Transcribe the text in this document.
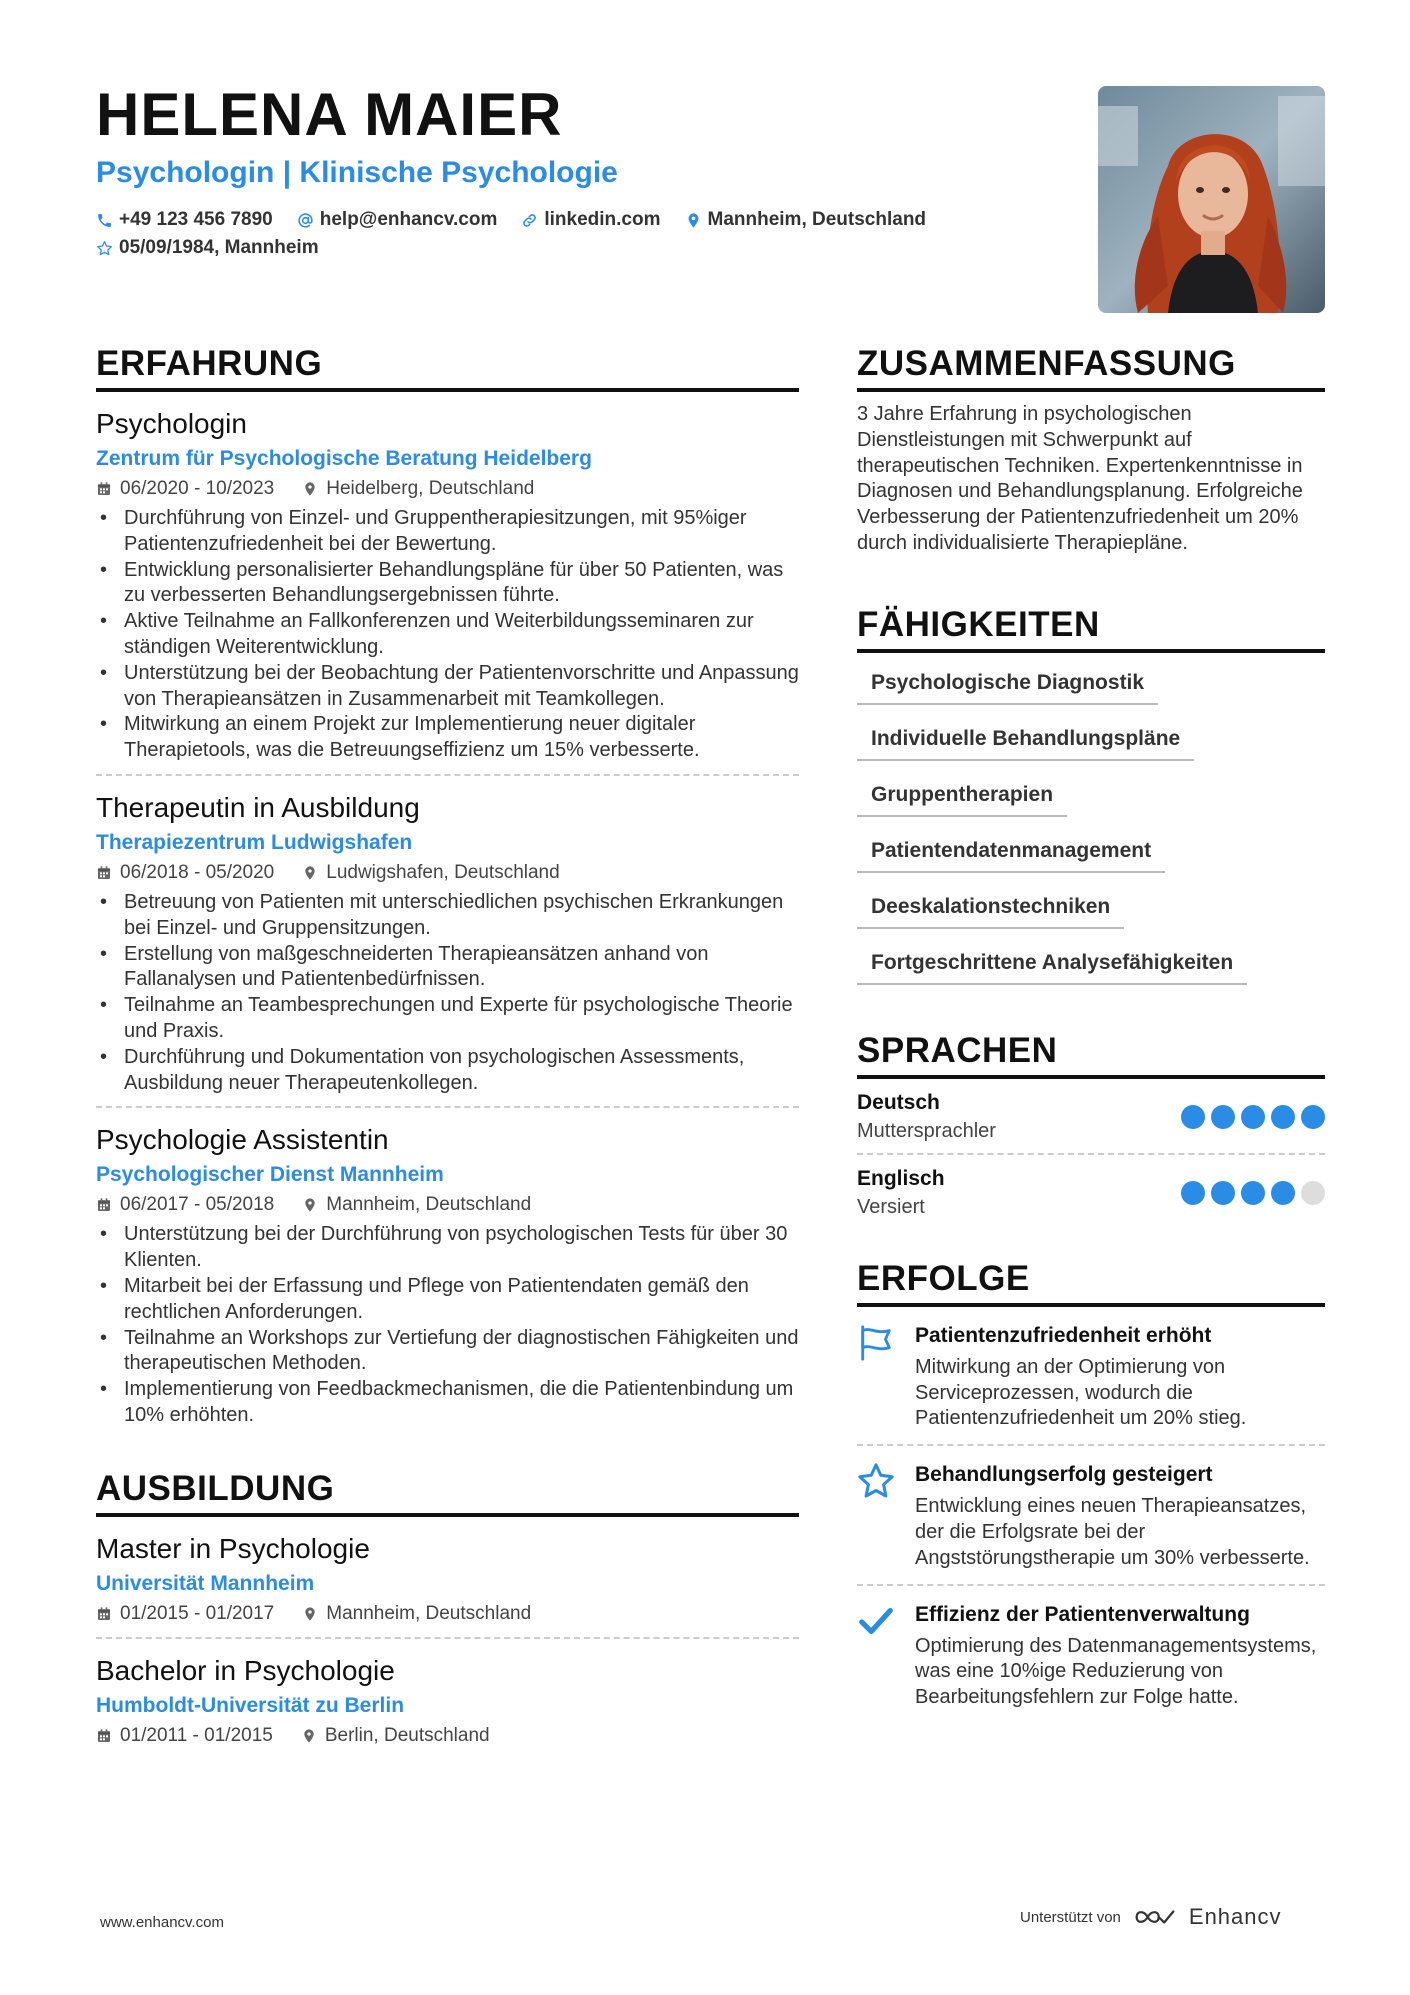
HELENA MAIER
Psychologin | Klinische Psychologie
+49 123 456 7890 help@enhancv.com linkedin.com Mannheim, Deutschland
05/09/1984, Mannheim
ERFAHRUNG
Psychologin
Zentrum für Psychologische Beratung Heidelberg
06/2020 - 10/2023	Heidelberg, Deutschland
• Durchführung von Einzel- und Gruppentherapiesitzungen, mit 95%iger Patientenzufriedenheit bei der Bewertung.
• Entwicklung personalisierter Behandlungspläne für über 50 Patienten, was zu verbesserten Behandlungsergebnissen führte.
• Aktive Teilnahme an Fallkonferenzen und Weiterbildungsseminaren zur ständigen Weiterentwicklung.
• Unterstützung bei der Beobachtung der Patientenvorschritte und Anpassung von Therapieansätzen in Zusammenarbeit mit Teamkollegen.
• Mitwirkung an einem Projekt zur Implementierung neuer digitaler Therapietools, was die Betreuungseffizienz um 15% verbesserte.
Therapeutin in Ausbildung
Therapiezentrum Ludwigshafen
06/2018 - 05/2020	Ludwigshafen, Deutschland
• Betreuung von Patienten mit unterschiedlichen psychischen Erkrankungen bei Einzel- und Gruppensitzungen.
• Erstellung von maßgeschneiderten Therapieansätzen anhand von Fallanalysen und Patientenbedürfnissen.
• Teilnahme an Teambesprechungen und Experte für psychologische Theorie und Praxis.
• Durchführung und Dokumentation von psychologischen Assessments, Ausbildung neuer Therapeutenkollegen.
Psychologie Assistentin
Psychologischer Dienst Mannheim
06/2017 - 05/2018	Mannheim, Deutschland
• Unterstützung bei der Durchführung von psychologischen Tests für über 30 Klienten.
• Mitarbeit bei der Erfassung und Pflege von Patientendaten gemäß den rechtlichen Anforderungen.
• Teilnahme an Workshops zur Vertiefung der diagnostischen Fähigkeiten und therapeutischen Methoden.
• Implementierung von Feedbackmechanismen, die die Patientenbindung um 10% erhöhten.
AUSBILDUNG
Master in Psychologie
Universität Mannheim
01/2015 - 01/2017	Mannheim, Deutschland
Bachelor in Psychologie
Humboldt-Universität zu Berlin
01/2011 - 01/2015	Berlin, Deutschland
ZUSAMMENFASSUNG
3 Jahre Erfahrung in psychologischen Dienstleistungen mit Schwerpunkt auf therapeutischen Techniken. Expertenkenntnisse in Diagnosen und Behandlungsplanung. Erfolgreiche Verbesserung der Patientenzufriedenheit um 20% durch individualisierte Therapiepläne.
FÄHIGKEITEN
Psychologische Diagnostik
Individuelle Behandlungspläne
Gruppentherapien
Patientendatenmanagement
Deeskalationstechniken
Fortgeschrittene Analysefähigkeiten
SPRACHEN
Deutsch
Muttersprachler
Englisch
Versiert
ERFOLGE
Patientenzufriedenheit erhöht
Mitwirkung an der Optimierung von Serviceprozessen, wodurch die Patientenzufriedenheit um 20% stieg.
Behandlungserfolg gesteigert
Entwicklung eines neuen Therapieansatzes, der die Erfolgsrate bei der Angststörungstherapie um 30% verbesserte.
Effizienz der Patientenverwaltung
Optimierung des Datenmanagementsystems, was eine 10%ige Reduzierung von Bearbeitungsfehlern zur Folge hatte.
www.enhancv.com	Unterstützt von	Enhancv
